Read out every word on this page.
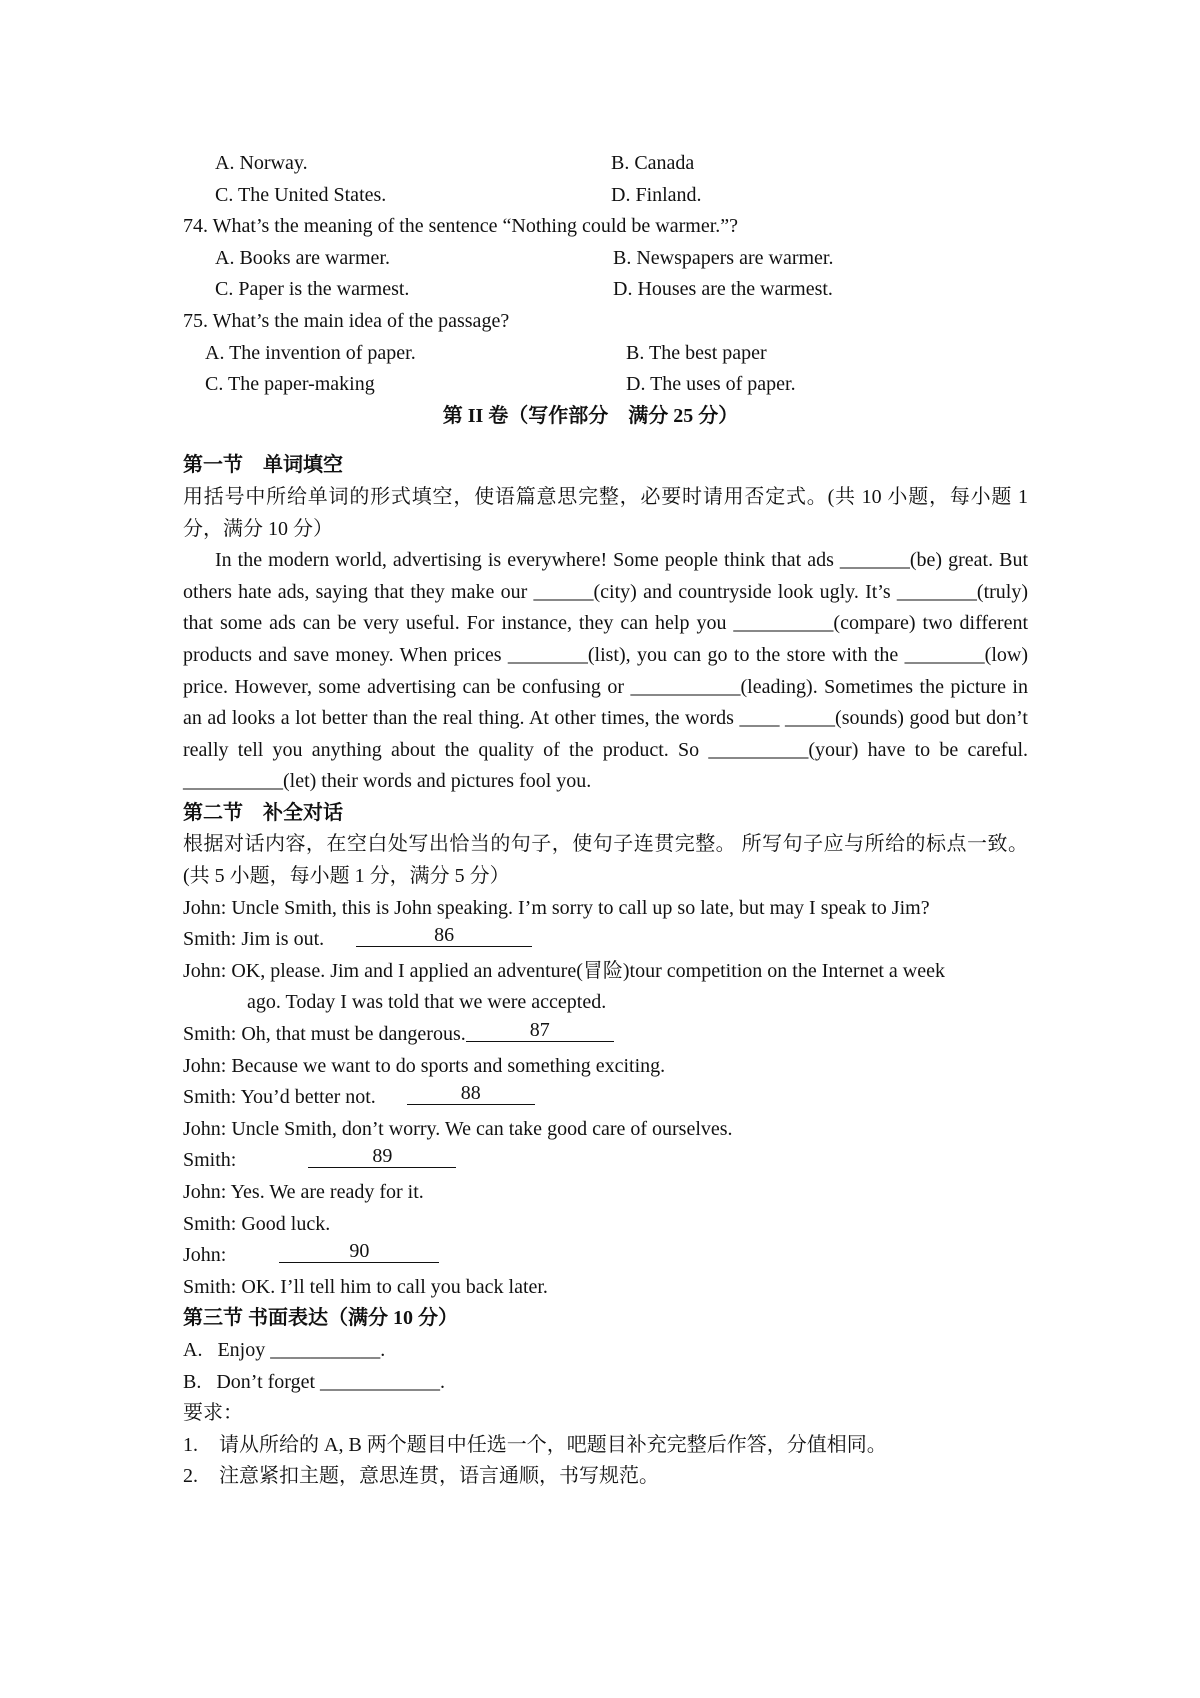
A. Norway.	B. Canada
C. The United States.	D. Finland.
74. What’s the meaning of the sentence “Nothing could be warmer.”?
A. Books are warmer.	B. Newspapers are warmer.
C. Paper is the warmest.	D. Houses are the warmest.
75. What’s the main idea of the passage?
A. The invention of paper.	B. The best paper
C. The paper-making	D. The uses of paper.
第 II 卷（写作部分　满分 25 分）
第一节　单词填空
用括号中所给单词的形式填空，使语篇意思完整，必要时请用否定式。(共 10 小题，每小题 1 分，满分 10 分）
In the modern world, advertising is everywhere! Some people think that ads _______(be) great. But others hate ads, saying that they make our ______(city) and countryside look ugly. It’s ________(truly) that some ads can be very useful. For instance, they can help you __________(compare) two different products and save money. When prices ________(list), you can go to the store with the ________(low) price. However, some advertising can be confusing or ___________(leading). Sometimes the picture in an ad looks a lot better than the real thing. At other times, the words ____ _____(sounds) good but don’t really tell you anything about the quality of the product. So __________(your) have to be careful. __________(let) their words and pictures fool you.
第二节　补全对话
根据对话内容，在空白处写出恰当的句子，使句子连贯完整。 所写句子应与所给的标点一致。(共 5 小题，每小题 1 分，满分 5 分）
John: Uncle Smith, this is John speaking. I’m sorry to call up so late, but may I speak to Jim?
Smith: Jim is out.	86
John: OK, please. Jim and I applied an adventure(冒险)tour competition on the Internet a week
ago. Today I was told that we were accepted.
Smith: Oh, that must be dangerous.	87
John: Because we want to do sports and something exciting.
Smith: You’d better not.	88
John: Uncle Smith, don’t worry. We can take good care of ourselves.
Smith:	89
John: Yes. We are ready for it.
Smith: Good luck.
John:	90
Smith: OK. I’ll tell him to call you back later.
第三节 书面表达（满分 10 分）
A.   Enjoy ___________.
B.   Don’t forget ____________.
要求：
1.	请从所给的 A, B 两个题目中任选一个，吧题目补充完整后作答，分值相同。
2.	注意紧扣主题，意思连贯，语言通顺，书写规范。
